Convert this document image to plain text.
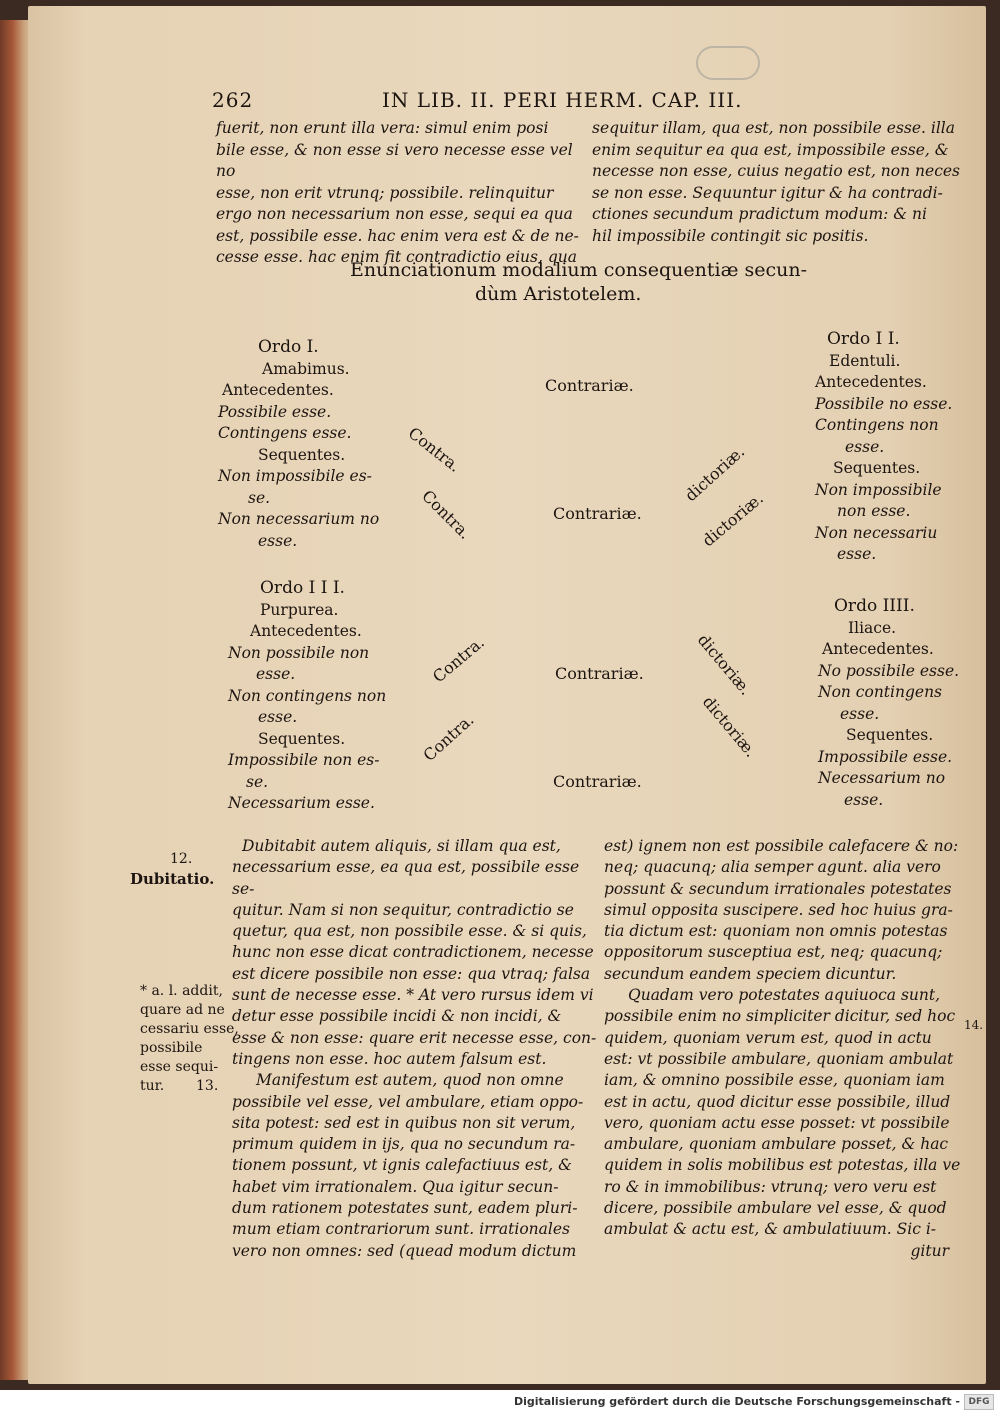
262	IN LIB. II. PERI HERM. CAP. III.

fuerit, non erunt illa vera: simul enim posi

bile esse, & non esse si vero necesse esse vel no

esse, non erit vtrunq; possibile. relinquitur

ergo non necessarium non esse, sequi ea qua

est, possibile esse. hac enim vera est & de ne-

cesse esse. hac enim fit contradictio eius, qua

sequitur illam, qua est, non possibile esse. illa

enim sequitur ea qua est, impossibile esse, &

necesse non esse, cuius negatio est, non neces

se non esse. Sequuntur igitur & ha contradi-

ctiones secundum pradictum modum: & ni

hil impossibile contingit sic positis.

Enunciationum modalium consequentiæ secun-
dùm Aristotelem.
Ordo I.
Amabimus.
Antecedentes.
Possibile esse.
Contingens esse.
Sequentes.
Non impossibile es-
se.
Non necessarium no
esse.
Ordo I I.
Edentuli.
Antecedentes.
Possibile no esse.
Contingens non
esse.
Sequentes.
Non impossibile
non esse.
Non necessariu
esse.
Ordo I I I.
Purpurea.
Antecedentes.
Non possibile non
esse.
Non contingens non
esse.
Sequentes.
Impossibile non es-
se.
Necessarium esse.
Ordo IIII.
Iliace.
Antecedentes.
No possibile esse.
Non contingens
esse.
Sequentes.
Impossibile esse.
Necessarium no
esse.
Contrariæ.
Contra.
Contra.
dictoriæ.
dictoriæ.
Contrariæ.
Contra.	Contrariæ.	dictoriæ.
Contra.	dictoriæ.
Contrariæ.
12.
Dubitatio.
* a. l. addit,
quare ad ne
cessariu esse,
possibile
esse sequi-
tur.	13.
14.

Dubitabit autem aliquis, si illam qua est,

necessarium esse, ea qua est, possibile esse se-

quitur. Nam si non sequitur, contradictio se

quetur, qua est, non possibile esse. & si quis,

hunc non esse dicat contradictionem, necesse

est dicere possibile non esse: qua vtraq; falsa

sunt de necesse esse. * At vero rursus idem vi

detur esse possibile incidi & non incidi, &

esse & non esse: quare erit necesse esse, con-

tingens non esse. hoc autem falsum est.

Manifestum est autem, quod non omne

possibile vel esse, vel ambulare, etiam oppo-

sita potest: sed est in quibus non sit verum,

primum quidem in ijs, qua no secundum ra-

tionem possunt, vt ignis calefactiuus est, &

habet vim irrationalem. Qua igitur secun-

dum rationem potestates sunt, eadem pluri-

mum etiam contrariorum sunt. irrationales

vero non omnes: sed (quead modum dictum

est) ignem non est possibile calefacere & no:

neq; quacunq; alia semper agunt. alia vero

possunt & secundum irrationales potestates

simul opposita suscipere. sed hoc huius gra-

tia dictum est: quoniam non omnis potestas

oppositorum susceptiua est, neq; quacunq;

secundum eandem speciem dicuntur.

Quadam vero potestates aquiuoca sunt,

possibile enim no simpliciter dicitur, sed hoc

quidem, quoniam verum est, quod in actu

est: vt possibile ambulare, quoniam ambulat

iam, & omnino possibile esse, quoniam iam

est in actu, quod dicitur esse possibile, illud

vero, quoniam actu esse posset: vt possibile

ambulare, quoniam ambulare posset, & hac

quidem in solis mobilibus est potestas, illa ve

ro & in immobilibus: vtrunq; vero veru est

dicere, possibile ambulare vel esse, & quod

ambulat & actu est, & ambulatiuum. Sic i-

gitur

Digitalisierung gefördert durch die Deutsche Forschungsgemeinschaft - DFG
